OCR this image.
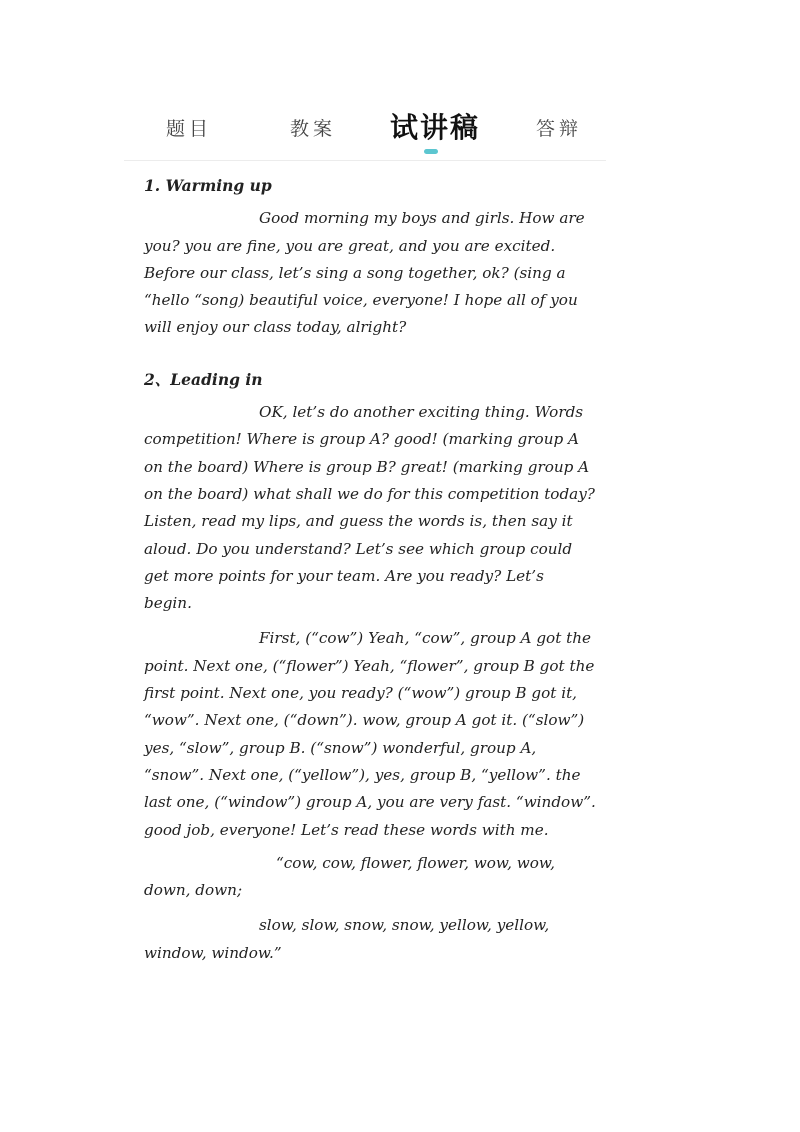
题目	教案 试讲稿	答辩

1. Warming up

Good morning my boys and girls. How are you? you are fine, you are great, and you are excited. Before our class, let’s sing a song together, ok? (sing a “hello “song) beautiful voice, everyone! I hope all of you will enjoy our class today, alright?

2、Leading in

OK, let’s do another exciting thing. Words competition! Where is group A? good! (marking group A on the board) Where is group B? great! (marking group A on the board) what shall we do for this competition today? Listen, read my lips, and guess the words is, then say it aloud. Do you understand? Let’s see which group could get more points for your team. Are you ready? Let’s begin.

First, (“cow”) Yeah, “cow”, group A got the point. Next one, (“flower”) Yeah, “flower”, group B got the first point. Next one, you ready? (“wow”) group B got it, “wow”. Next one, (“down”). wow, group A got it. (“slow”) yes, “slow”, group B. (“snow”) wonderful, group A, “snow”. Next one, (“yellow”), yes, group B, “yellow”. the last one, (“window”) group A, you are very fast. “window”. good job, everyone! Let’s read these words with me.

“cow, cow, flower, flower, wow, wow, down, down;

slow, slow, snow, snow, yellow, yellow, window, window.”
